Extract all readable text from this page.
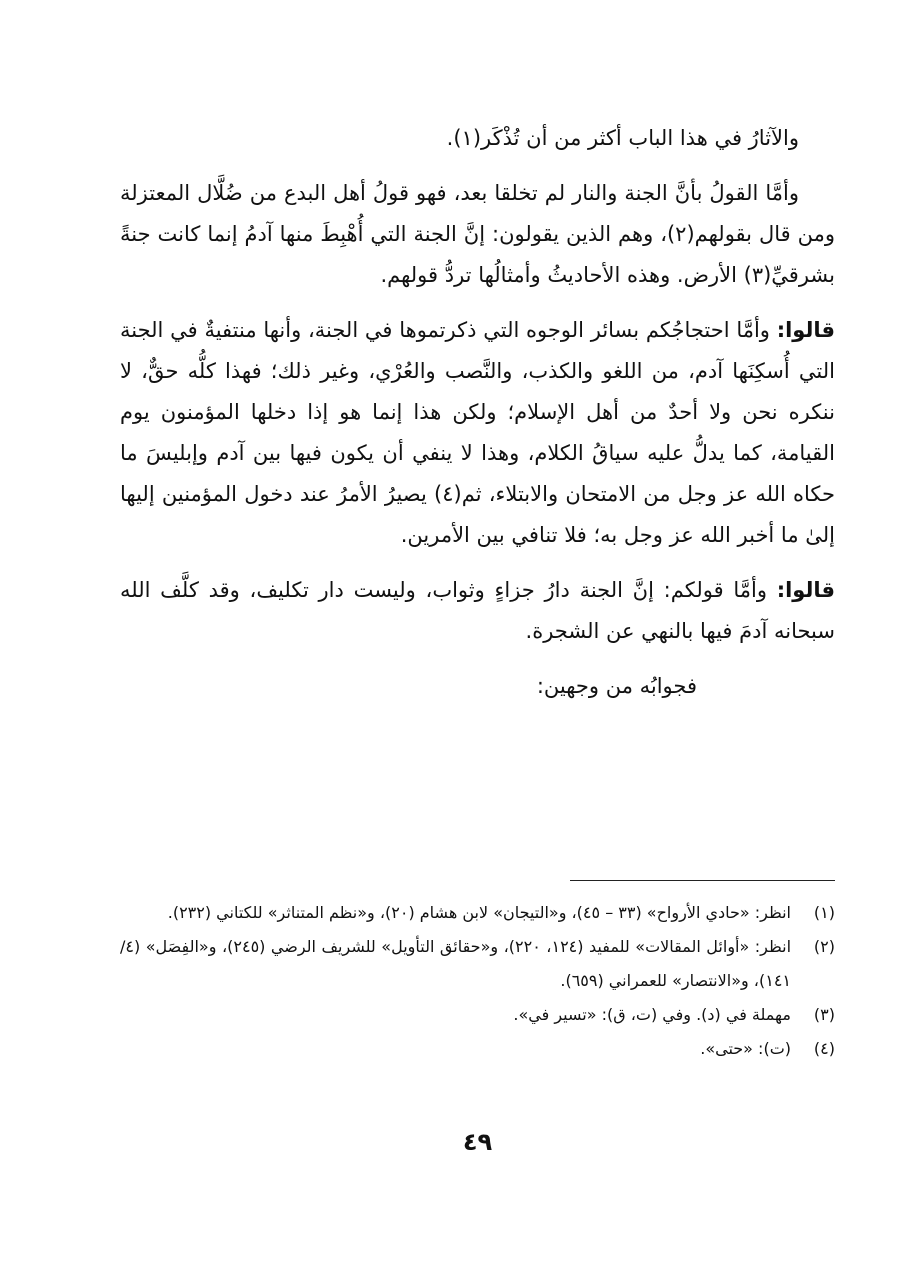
والآثارُ في هذا الباب أكثر من أن تُذْكَر(١).

وأمَّا القولُ بأنَّ الجنة والنار لم تخلقا بعد، فهو قولُ أهل البدع من ضُلَّال المعتزلة ومن قال بقولهم(٢)، وهم الذين يقولون: إنَّ الجنة التي أُهْبِطَ منها آدمُ إنما كانت جنةً بشرقيِّ(٣) الأرض. وهذه الأحاديثُ وأمثالُها تردُّ قولهم.

قالوا: وأمَّا احتجاجُكم بسائر الوجوه التي ذكرتموها في الجنة، وأنها منتفيةٌ في الجنة التي أُسكِنَها آدم، من اللغو والكذب، والنَّصب والعُرْي، وغير ذلك؛ فهذا كلُّه حقٌّ، لا ننكره نحن ولا أحدٌ من أهل الإسلام؛ ولكن هذا إنما هو إذا دخلها المؤمنون يوم القيامة، كما يدلُّ عليه سياقُ الكلام، وهذا لا ينفي أن يكون فيها بين آدم وإبليسَ ما حكاه الله عز وجل من الامتحان والابتلاء، ثم(٤) يصيرُ الأمرُ عند دخول المؤمنين إليها إلىٰ ما أخبر الله عز وجل به؛ فلا تنافي بين الأمرين.

قالوا: وأمَّا قولكم: إنَّ الجنة دارُ جزاءٍ وثواب، وليست دار تكليف، وقد كلَّف الله سبحانه آدمَ فيها بالنهي عن الشجرة.

فجوابُه من وجهين:

(١)
انظر: «حادي الأرواح» (٣٣ – ٤٥)، و«التيجان» لابن هشام (٢٠)، و«نظم المتناثر» للكتاني (٢٣٢).
(٢)
انظر: «أوائل المقالات» للمفيد (١٢٤، ٢٢٠)، و«حقائق التأويل» للشريف الرضي (٢٤٥)، و«الفِصَل» (٤/ ١٤١)، و«الانتصار» للعمراني (٦٥٩).
(٣)
مهملة في (د). وفي (ت، ق): «تسير في».
(٤)
(ت): «حتى».
٤٩
